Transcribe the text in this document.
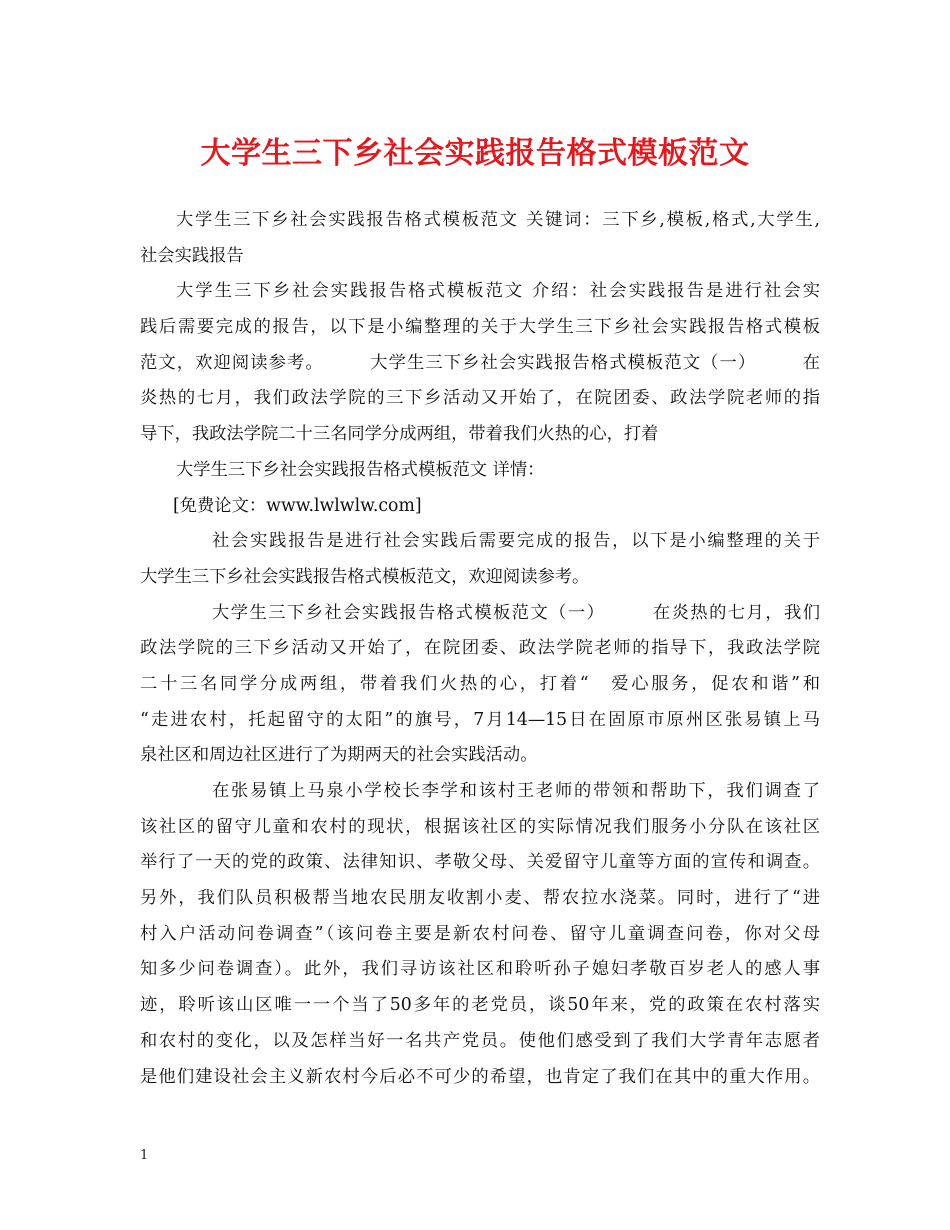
大学生三下乡社会实践报告格式模板范文
大学生三下乡社会实践报告格式模板范文 关键词：三下乡,模板,格式,大学生,
社会实践报告
大学生三下乡社会实践报告格式模板范文 介绍：社会实践报告是进行社会实
践后需要完成的报告，以下是小编整理的关于大学生三下乡社会实践报告格式模板
范文，欢迎阅读参考。　　　大学生三下乡社会实践报告格式模板范文（一）　　　在
炎热的七月，我们政法学院的三下乡活动又开始了，在院团委、政法学院老师的指
导下，我政法学院二十三名同学分成两组，带着我们火热的心，打着
大学生三下乡社会实践报告格式模板范文 详情：
[免费论文：www.lwlwlw.com]
社会实践报告是进行社会实践后需要完成的报告，以下是小编整理的关于
大学生三下乡社会实践报告格式模板范文，欢迎阅读参考。
大学生三下乡社会实践报告格式模板范文（一）　　　在炎热的七月，我们
政法学院的三下乡活动又开始了，在院团委、政法学院老师的指导下，我政法学院
二十三名同学分成两组，带着我们火热的心，打着“　爱心服务，促农和谐”和
“走进农村，托起留守的太阳”的旗号，7月14—15日在固原市原州区张易镇上马
泉社区和周边社区进行了为期两天的社会实践活动。
在张易镇上马泉小学校长李学和该村王老师的带领和帮助下，我们调查了
该社区的留守儿童和农村的现状，根据该社区的实际情况我们服务小分队在该社区
举行了一天的党的政策、法律知识、孝敬父母、关爱留守儿童等方面的宣传和调查。
另外，我们队员积极帮当地农民朋友收割小麦、帮农拉水浇菜。同时，进行了“进
村入户活动问卷调查”（该问卷主要是新农村问卷、留守儿童调查问卷，你对父母
知多少问卷调查）。此外，我们寻访该社区和聆听孙子媳妇孝敬百岁老人的感人事
迹，聆听该山区唯一一个当了50多年的老党员，谈50年来，党的政策在农村落实
和农村的变化，以及怎样当好一名共产党员。使他们感受到了我们大学青年志愿者
是他们建设社会主义新农村今后必不可少的希望，也肯定了我们在其中的重大作用。
1
